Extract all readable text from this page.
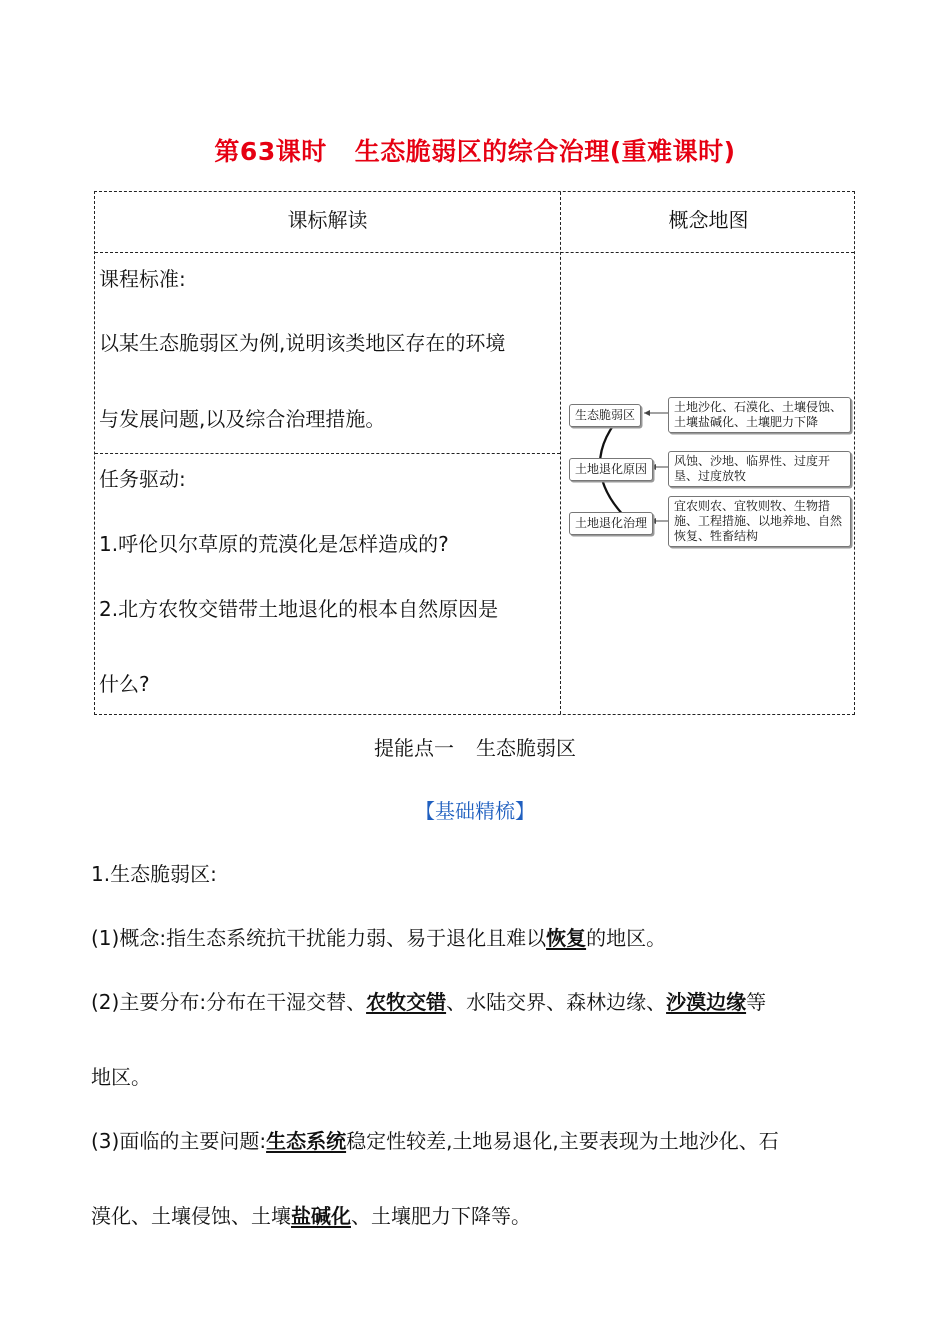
第63课时 生态脆弱区的综合治理(重难课时)
课标解读	概念地图
课程标准:
以某生态脆弱区为例,说明该类地区存在的环境
与发展问题,以及综合治理措施。
任务驱动:
1.呼伦贝尔草原的荒漠化是怎样造成的?
2.北方农牧交错带土地退化的根本自然原因是
什么?
生态脆弱区
土地退化原因
土地退化治理
土地沙化、石漠化、土壤侵蚀、土壤盐碱化、土壤肥力下降
风蚀、沙地、临界性、过度开垦、过度放牧
宜农则农、宜牧则牧、生物措施、工程措施、以地养地、自然恢复、牲畜结构
提能点一 生态脆弱区
【基础精梳】
1.生态脆弱区:
(1)概念:指生态系统抗干扰能力弱、易于退化且难以恢复的地区。
(2)主要分布:分布在干湿交替、农牧交错、水陆交界、森林边缘、沙漠边缘等
地区。
(3)面临的主要问题:生态系统稳定性较差,土地易退化,主要表现为土地沙化、石
漠化、土壤侵蚀、土壤盐碱化、土壤肥力下降等。
